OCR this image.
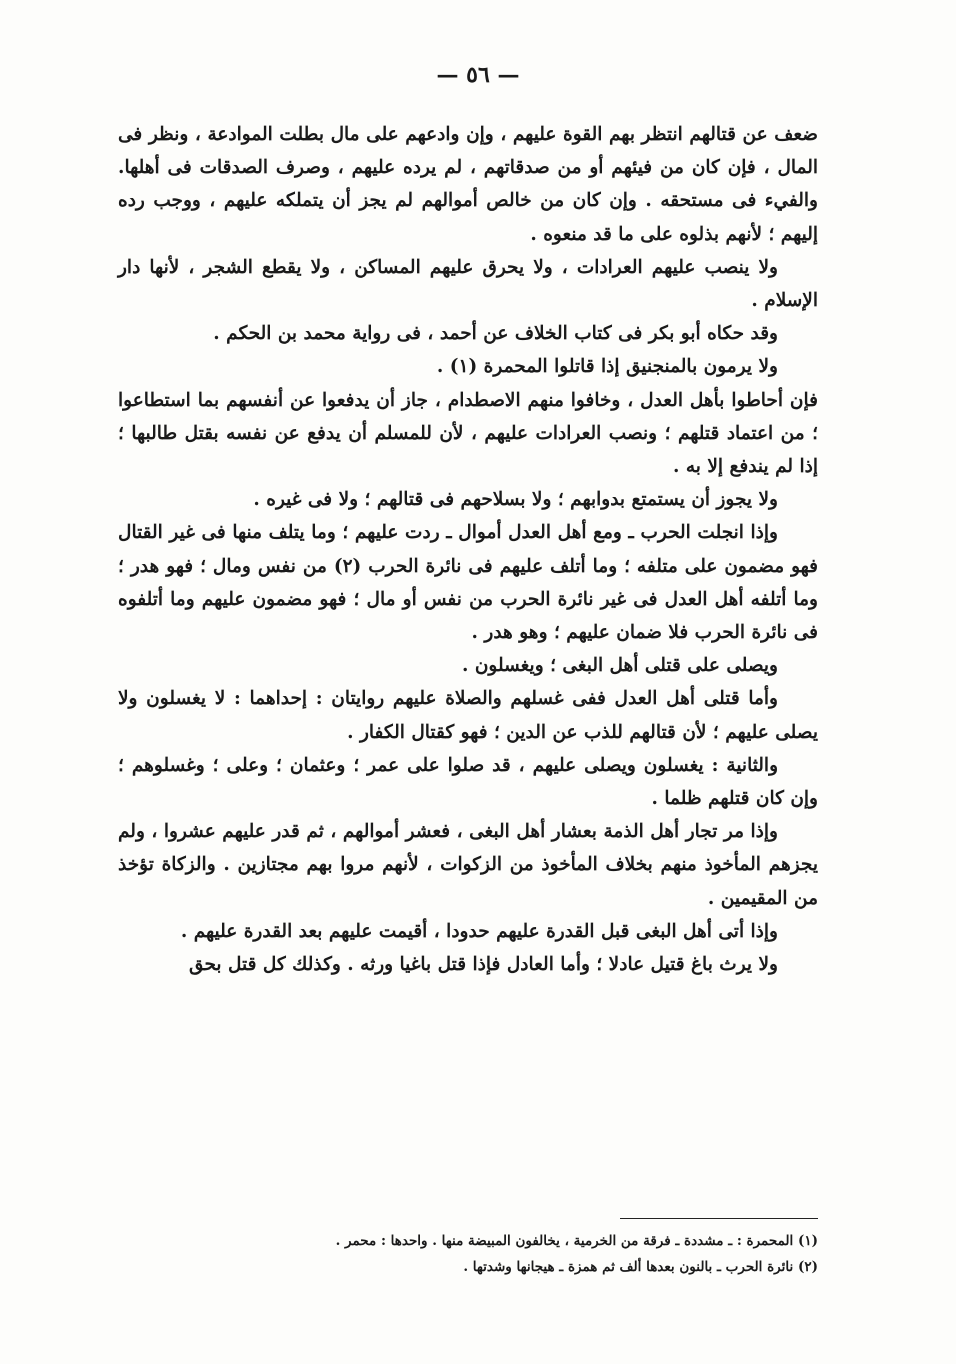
— ٥٦ —

ضعف عن قتالهم انتظر بهم القوة عليهم ، وإن وادعهم على مال بطلت الموادعة ، ونظر فى المال ، فإن كان من فيئهم أو من صدقاتهم ، لم يرده عليهم ، وصرف الصدقات فى أهلها. والفيء فى مستحقه . وإن كان من خالص أموالهم لم يجز أن يتملكه عليهم ، ووجب رده إليهم ؛ لأنهم بذلوه على ما قد منعوه .

ولا ينصب عليهم العرادات ، ولا يحرق عليهم المساكن ، ولا يقطع الشجر ، لأنها دار الإسلام .

وقد حكاه أبو بكر فى كتاب الخلاف عن أحمد ، فى رواية محمد بن الحكم .

ولا يرمون بالمنجنيق إذا قاتلوا المحمرة (١) .

فإن أحاطوا بأهل العدل ، وخافوا منهم الاصطدام ، جاز أن يدفعوا عن أنفسهم بما استطاعوا ؛ من اعتماد قتلهم ؛ ونصب العرادات عليهم ، لأن للمسلم أن يدفع عن نفسه بقتل طالبها ؛ إذا لم يندفع إلا به .

ولا يجوز أن يستمتع بدوابهم ؛ ولا بسلاحهم فى قتالهم ؛ ولا فى غيره .

وإذا انجلت الحرب ـ ومع أهل العدل أموال ـ ردت عليهم ؛ وما يتلف منها فى غير القتال فهو مضمون على متلفه ؛ وما أتلف عليهم فى نائرة الحرب (٢) من نفس ومال ؛ فهو هدر ؛ وما أتلفه أهل العدل فى غير نائرة الحرب من نفس أو مال ؛ فهو مضمون عليهم وما أتلفوه فى نائرة الحرب فلا ضمان عليهم ؛ وهو هدر .

ويصلى على قتلى أهل البغى ؛ ويغسلون .

وأما قتلى أهل العدل ففى غسلهم والصلاة عليهم روايتان : إحداهما : لا يغسلون ولا يصلى عليهم ؛ لأن قتالهم للذب عن الدين ؛ فهو كقتال الكفار .

والثانية : يغسلون ويصلى عليهم ، قد صلوا على عمر ؛ وعثمان ؛ وعلى ؛ وغسلوهم ؛ وإن كان قتلهم ظلما .

وإذا مر تجار أهل الذمة بعشار أهل البغى ، فعشر أموالهم ، ثم قدر عليهم عشروا ، ولم يجزهم المأخوذ منهم بخلاف المأخوذ من الزكوات ، لأنهم مروا بهم مجتازين . والزكاة تؤخذ من المقيمين .

وإذا أتى أهل البغى قبل القدرة عليهم حدودا ، أقيمت عليهم بعد القدرة عليهم .

ولا يرث باغ قتيل عادلا ؛ وأما العادل فإذا قتل باغيا ورثه . وكذلك كل قتل بحق

(١) المحمرة : ـ مشددة ـ فرقة من الخرمية ، يخالفون المبيضة منها . واحدها : محمر .

(٢) نائرة الحرب ـ بالنون بعدها ألف ثم همزة ـ هيجانها وشدتها .
